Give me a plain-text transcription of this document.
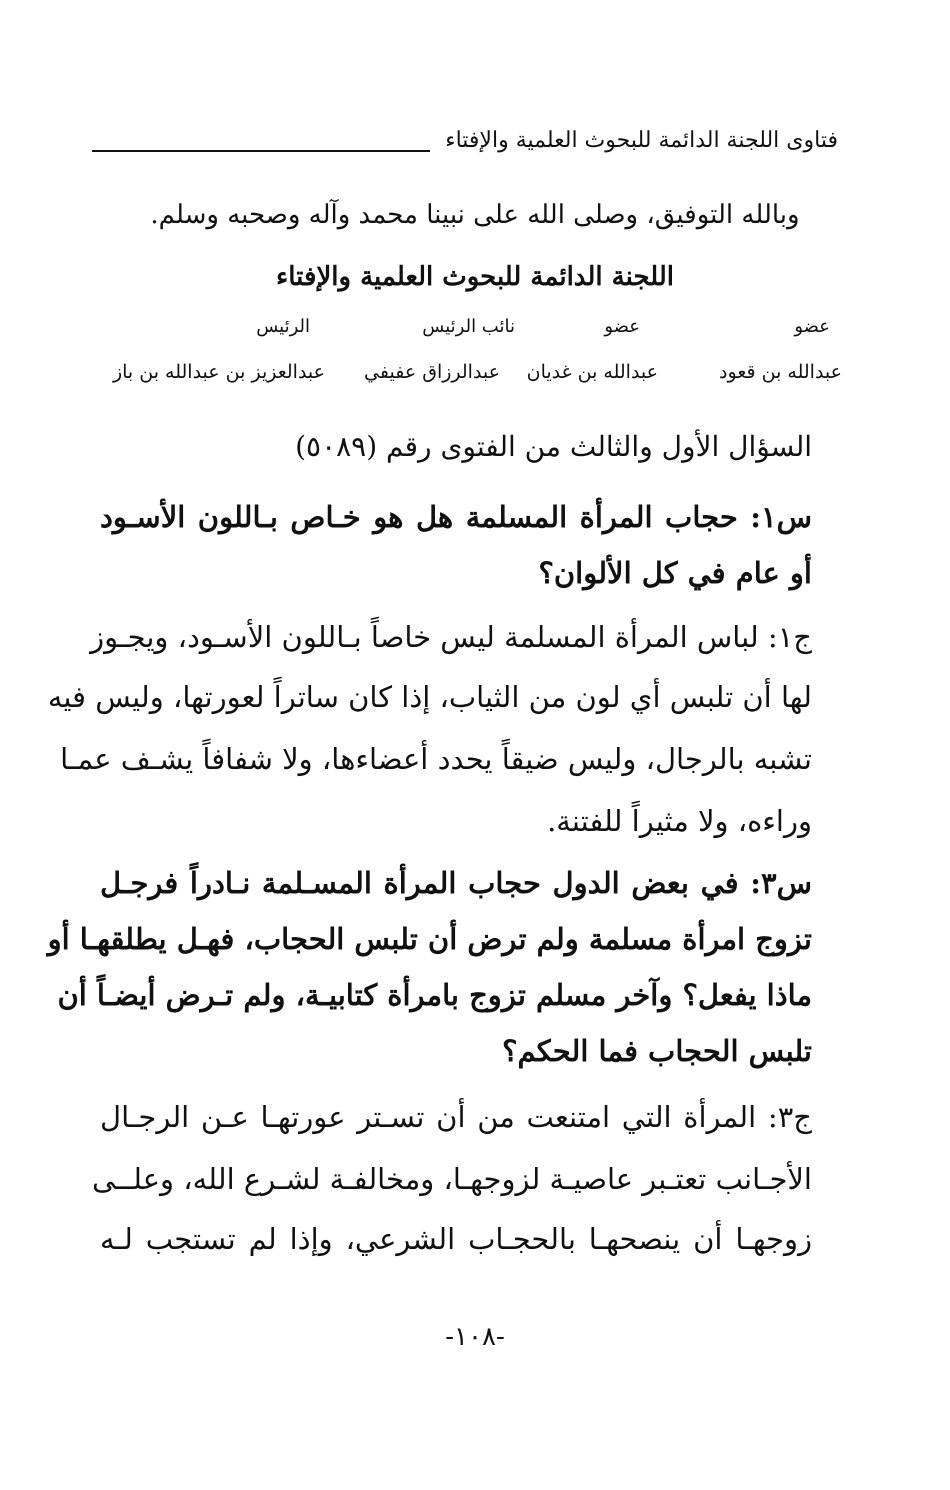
فتاوى اللجنة الدائمة للبحوث العلمية والإفتاء
وبالله التوفيق، وصلى الله على نبينا محمد وآله وصحبه وسلم.
اللجنة الدائمة للبحوث العلمية والإفتاء
عضو
عضو
نائب الرئيس
الرئيس
عبدالله بن قعود
عبدالله بن غديان
عبدالرزاق عفيفي
عبدالعزيز بن عبدالله بن باز
السؤال الأول والثالث من الفتوى رقم (٥٠٨٩)
س١: حجاب المرأة المسلمة هل هو خـاص بـاللون الأسـود
أو عام في كل الألوان؟
ج١: لباس المرأة المسلمة ليس خاصاً بـاللون الأسـود، ويجـوز
لها أن تلبس أي لون من الثياب، إذا كان ساتراً لعورتها، وليس فيه
تشبه بالرجال، وليس ضيقاً يحدد أعضاءها، ولا شفافاً يشـف عمـا
وراءه، ولا مثيراً للفتنة.
س٣: في بعض الدول حجاب المرأة المسـلمة نـادراً فرجـل
تزوج امرأة مسلمة ولم ترض أن تلبس الحجاب، فهـل يطلقهـا أو
ماذا يفعل؟ وآخر مسلم تزوج بامرأة كتابيـة، ولم تـرض أيضـاً أن
تلبس الحجاب فما الحكم؟
ج٣: المرأة التي امتنعت من أن تسـتر عورتهـا عـن الرجـال
الأجـانب تعتـبر عاصيـة لزوجهـا، ومخالفـة لشـرع الله، وعلــى
زوجهـا أن ينصحهـا بالحجـاب الشرعي، وإذا لم تستجب لـه
-١٠٨-
